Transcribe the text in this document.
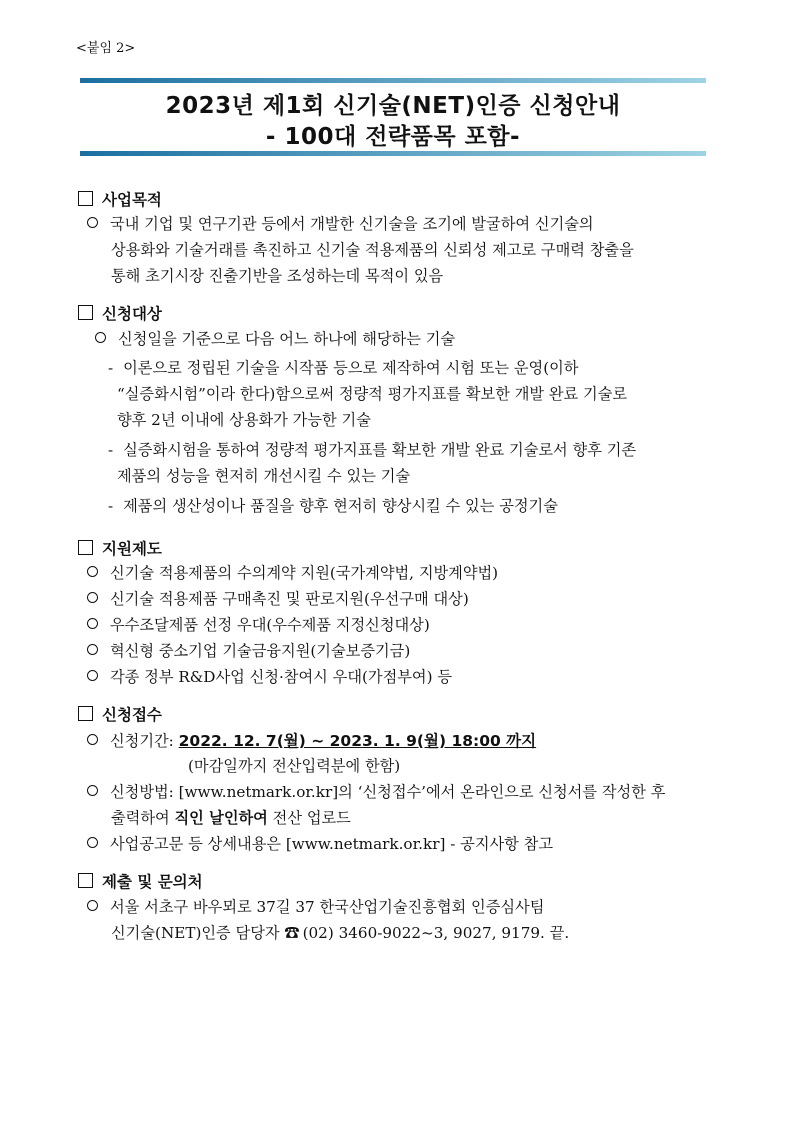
<붙임 2>
2023년 제1회 신기술(NET)인증 신청안내
- 100대 전략품목 포함-
사업목적
국내 기업 및 연구기관 등에서 개발한 신기술을 조기에 발굴하여 신기술의
상용화와 기술거래를 촉진하고 신기술 적용제품의 신뢰성 제고로 구매력 창출을
통해 초기시장 진출기반을 조성하는데 목적이 있음
신청대상
신청일을 기준으로 다음 어느 하나에 해당하는 기술
- 이론으로 정립된 기술을 시작품 등으로 제작하여 시험 또는 운영(이하
“실증화시험”이라 한다)함으로써 정량적 평가지표를 확보한 개발 완료 기술로
향후 2년 이내에 상용화가 가능한 기술
- 실증화시험을 통하여 정량적 평가지표를 확보한 개발 완료 기술로서 향후 기존
제품의 성능을 현저히 개선시킬 수 있는 기술
- 제품의 생산성이나 품질을 향후 현저히 향상시킬 수 있는 공정기술
지원제도
신기술 적용제품의 수의계약 지원(국가계약법, 지방계약법)
신기술 적용제품 구매촉진 및 판로지원(우선구매 대상)
우수조달제품 선정 우대(우수제품 지정신청대상)
혁신형 중소기업 기술금융지원(기술보증기금)
각종 정부 R&D사업 신청·참여시 우대(가점부여) 등
신청접수
신청기간: 2022. 12. 7(월) ~ 2023. 1. 9(월) 18:00 까지
(마감일까지 전산입력분에 한함)
신청방법: [www.netmark.or.kr]의 ‘신청접수’에서 온라인으로 신청서를 작성한 후
출력하여 직인 날인하여 전산 업로드
사업공고문 등 상세내용은 [www.netmark.or.kr] - 공지사항 참고
제출 및 문의처
서울 서초구 바우뫼로 37길 37 한국산업기술진흥협회 인증심사팀
신기술(NET)인증 담당자 ☎ (02) 3460-9022~3, 9027, 9179. 끝.
